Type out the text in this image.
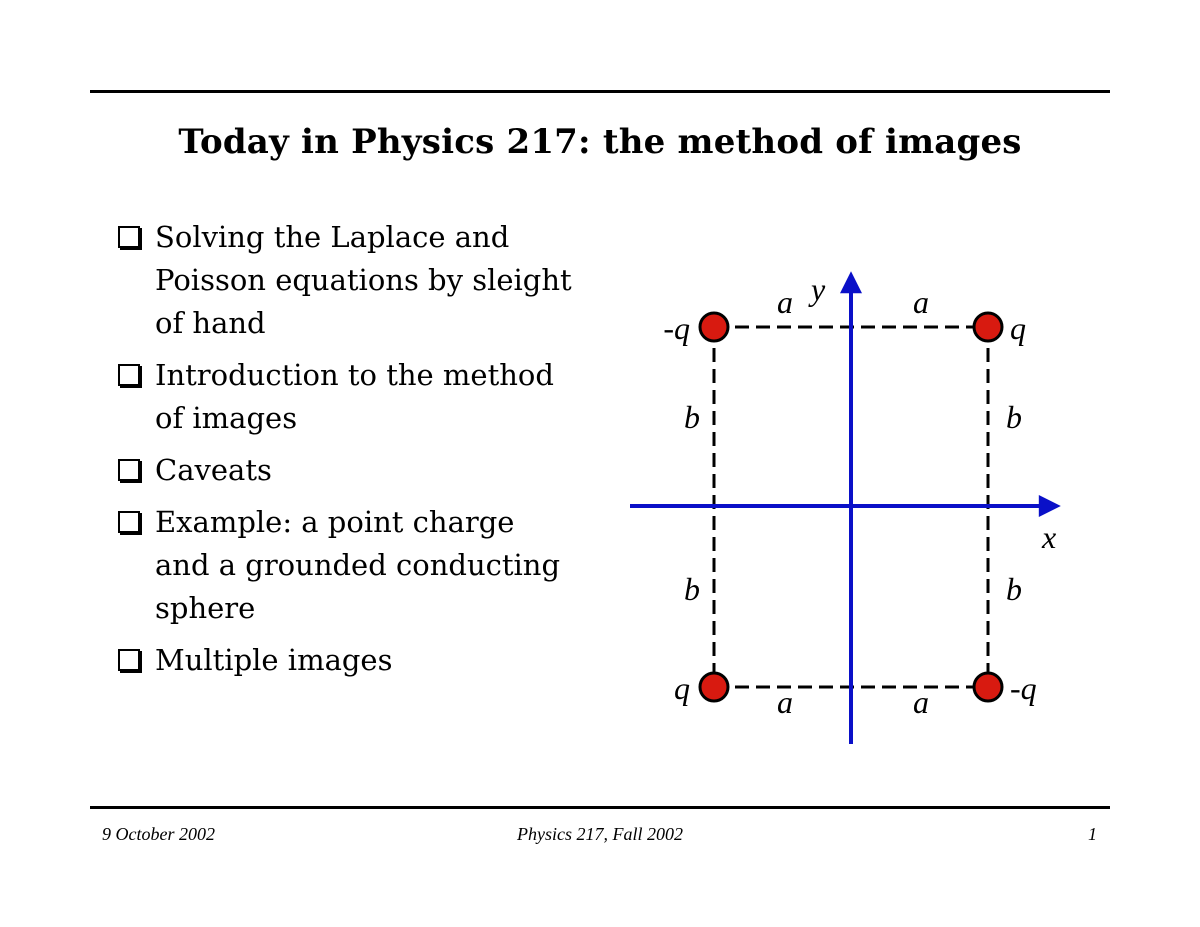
Today in Physics 217: the method of images
Solving the Laplace and Poisson equations by sleight of hand
Introduction to the method of images
Caveats
Example: a point charge and a grounded conducting sphere
Multiple images
-q	q
q	-q
y
x
a	a
a	a
b	b
b	b
9 October 2002	Physics 217, Fall 2002	1
